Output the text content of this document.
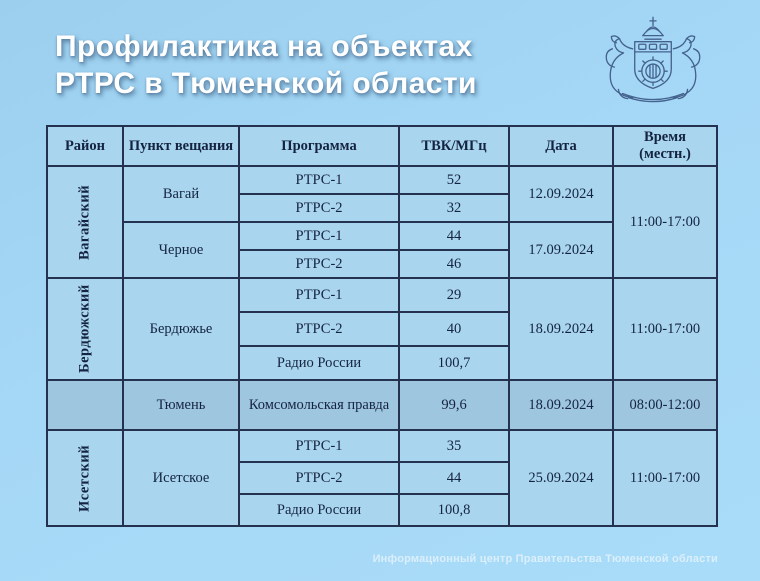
Профилактика на объектах
РТРС в Тюменской области
Район	Пункт вещания	Программа	ТВК/МГц	Дата	Время (местн.)
Вагайский	Вагай	РТРС-1	52	12.09.2024	11:00-17:00
		РТРС-2	32		
	Черное	РТРС-1	44	17.09.2024	
		РТРС-2	46		
Бердюжский	Бердюжье	РТРС-1	29	18.09.2024	11:00-17:00
		РТРС-2	40		
		Радио России	100,7		
	Тюмень	Комсомольская правда	99,6	18.09.2024	08:00-12:00
Исетский	Исетское	РТРС-1	35	25.09.2024	11:00-17:00
		РТРС-2	44		
		Радио России	100,8		
Информационный центр Правительства Тюменской области
